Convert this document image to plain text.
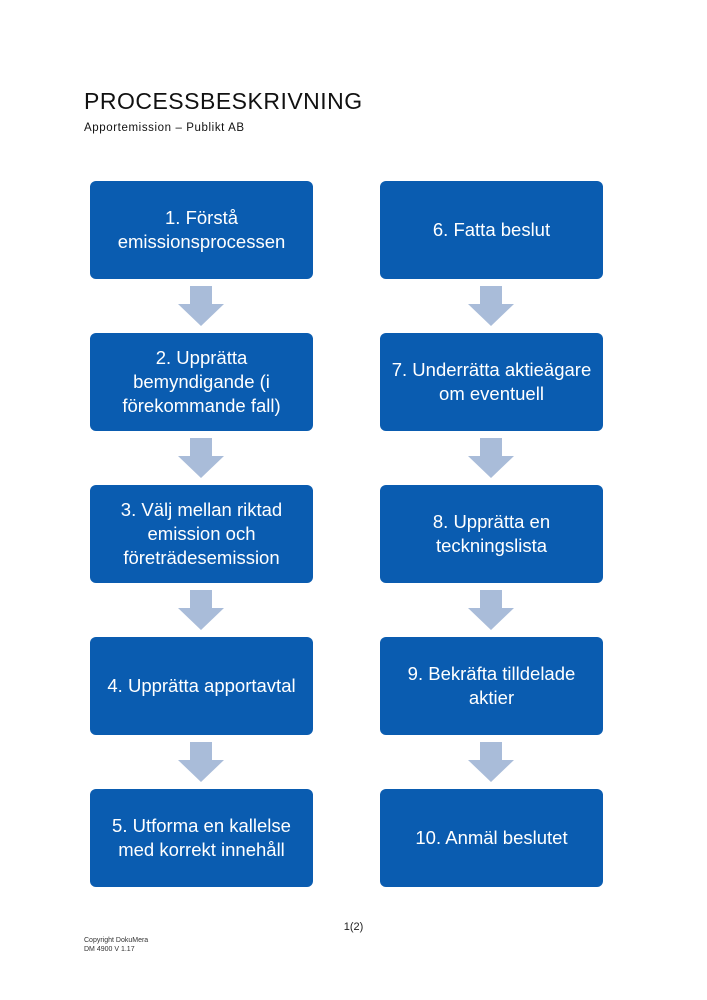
PROCESSBESKRIVNING
Apportemission – Publikt AB
1. Förstå emissionsprocessen
2. Upprätta bemyndigande (i förekommande fall)
3. Välj mellan riktad emission och företrädesemission
4. Upprätta apportavtal
5. Utforma en kallelse med korrekt innehåll
6. Fatta beslut
7. Underrätta aktieägare om eventuell
8. Upprätta en teckningslista
9. Bekräfta tilldelade aktier
10. Anmäl beslutet
1(2)
Copyright DokuMera
DM 4900 V 1.17
